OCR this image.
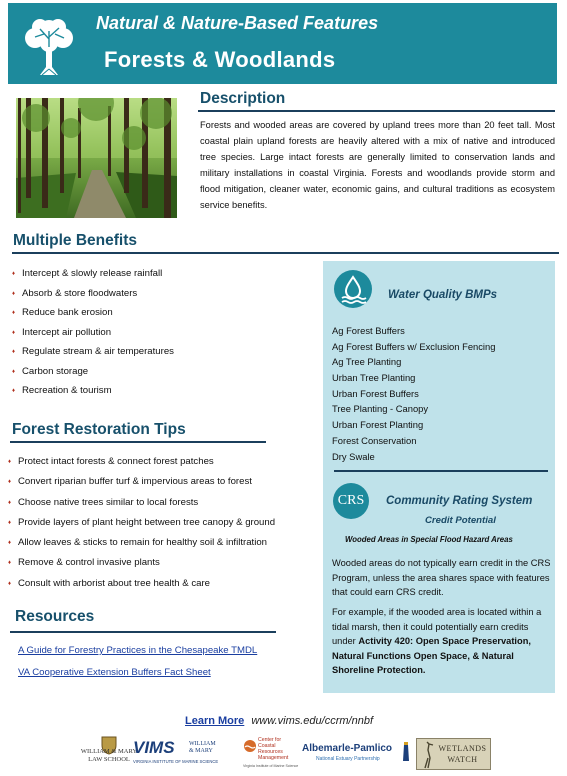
Natural & Nature-Based Features
Forests & Woodlands
Description
Forests and wooded areas are covered by upland trees more than 20 feet tall. Most coastal plain upland forests are heavily altered with a mix of native and introduced tree species. Large intact forests are generally limited to conservation lands and military installations in coastal Virginia. Forests and woodlands provide storm and flood mitigation, cleaner water, economic gains, and cultural traditions as ecosystem service benefits.
Multiple Benefits
♦ Intercept & slowly release rainfall
♦ Absorb & store floodwaters
♦ Reduce bank erosion
♦ Intercept air pollution
♦ Regulate stream & air temperatures
♦ Carbon storage
♦ Recreation & tourism
Forest Restoration Tips
♦ Protect intact forests & connect forest patches
♦ Convert riparian buffer turf & impervious areas to forest
♦ Choose native trees similar to local forests
♦ Provide layers of plant height between tree canopy & ground
♦ Allow leaves & sticks to remain for healthy soil & infiltration
♦ Remove & control invasive plants
♦ Consult with arborist about tree health & care
Resources
A Guide for Forestry Practices in the Chesapeake TMDL
VA Cooperative Extension Buffers Fact Sheet
Water Quality BMPs
Ag Forest Buffers
Ag Forest Buffers w/ Exclusion Fencing
Ag Tree Planting
Urban Tree Planting
Urban Forest Buffers
Tree Planting - Canopy
Urban Forest Planting
Forest Conservation
Dry Swale
CRS	Community Rating System
Credit Potential
Wooded Areas in Special Flood Hazard Areas
Wooded areas do not typically earn credit in the CRS Program, unless the area shares space with features that could earn CRS credit.
For example, if the wooded area is located within a tidal marsh, then it could potentially earn credits under Activity 420: Open Space Preservation, Natural Functions Open Space, & Natural Shoreline Protection.
Learn More www.vims.edu/ccrm/nnbf
WILLIAM & MARY
LAW SCHOOL
VIMS WILLIAM
& MARY
VIRGINIA INSTITUTE OF MARINE SCIENCE
Center for
Coastal
Resources
Management
Virginia Institute of Marine Science
Albemarle-Pamlico
National Estuary Partnership
WETLANDS
WATCH
